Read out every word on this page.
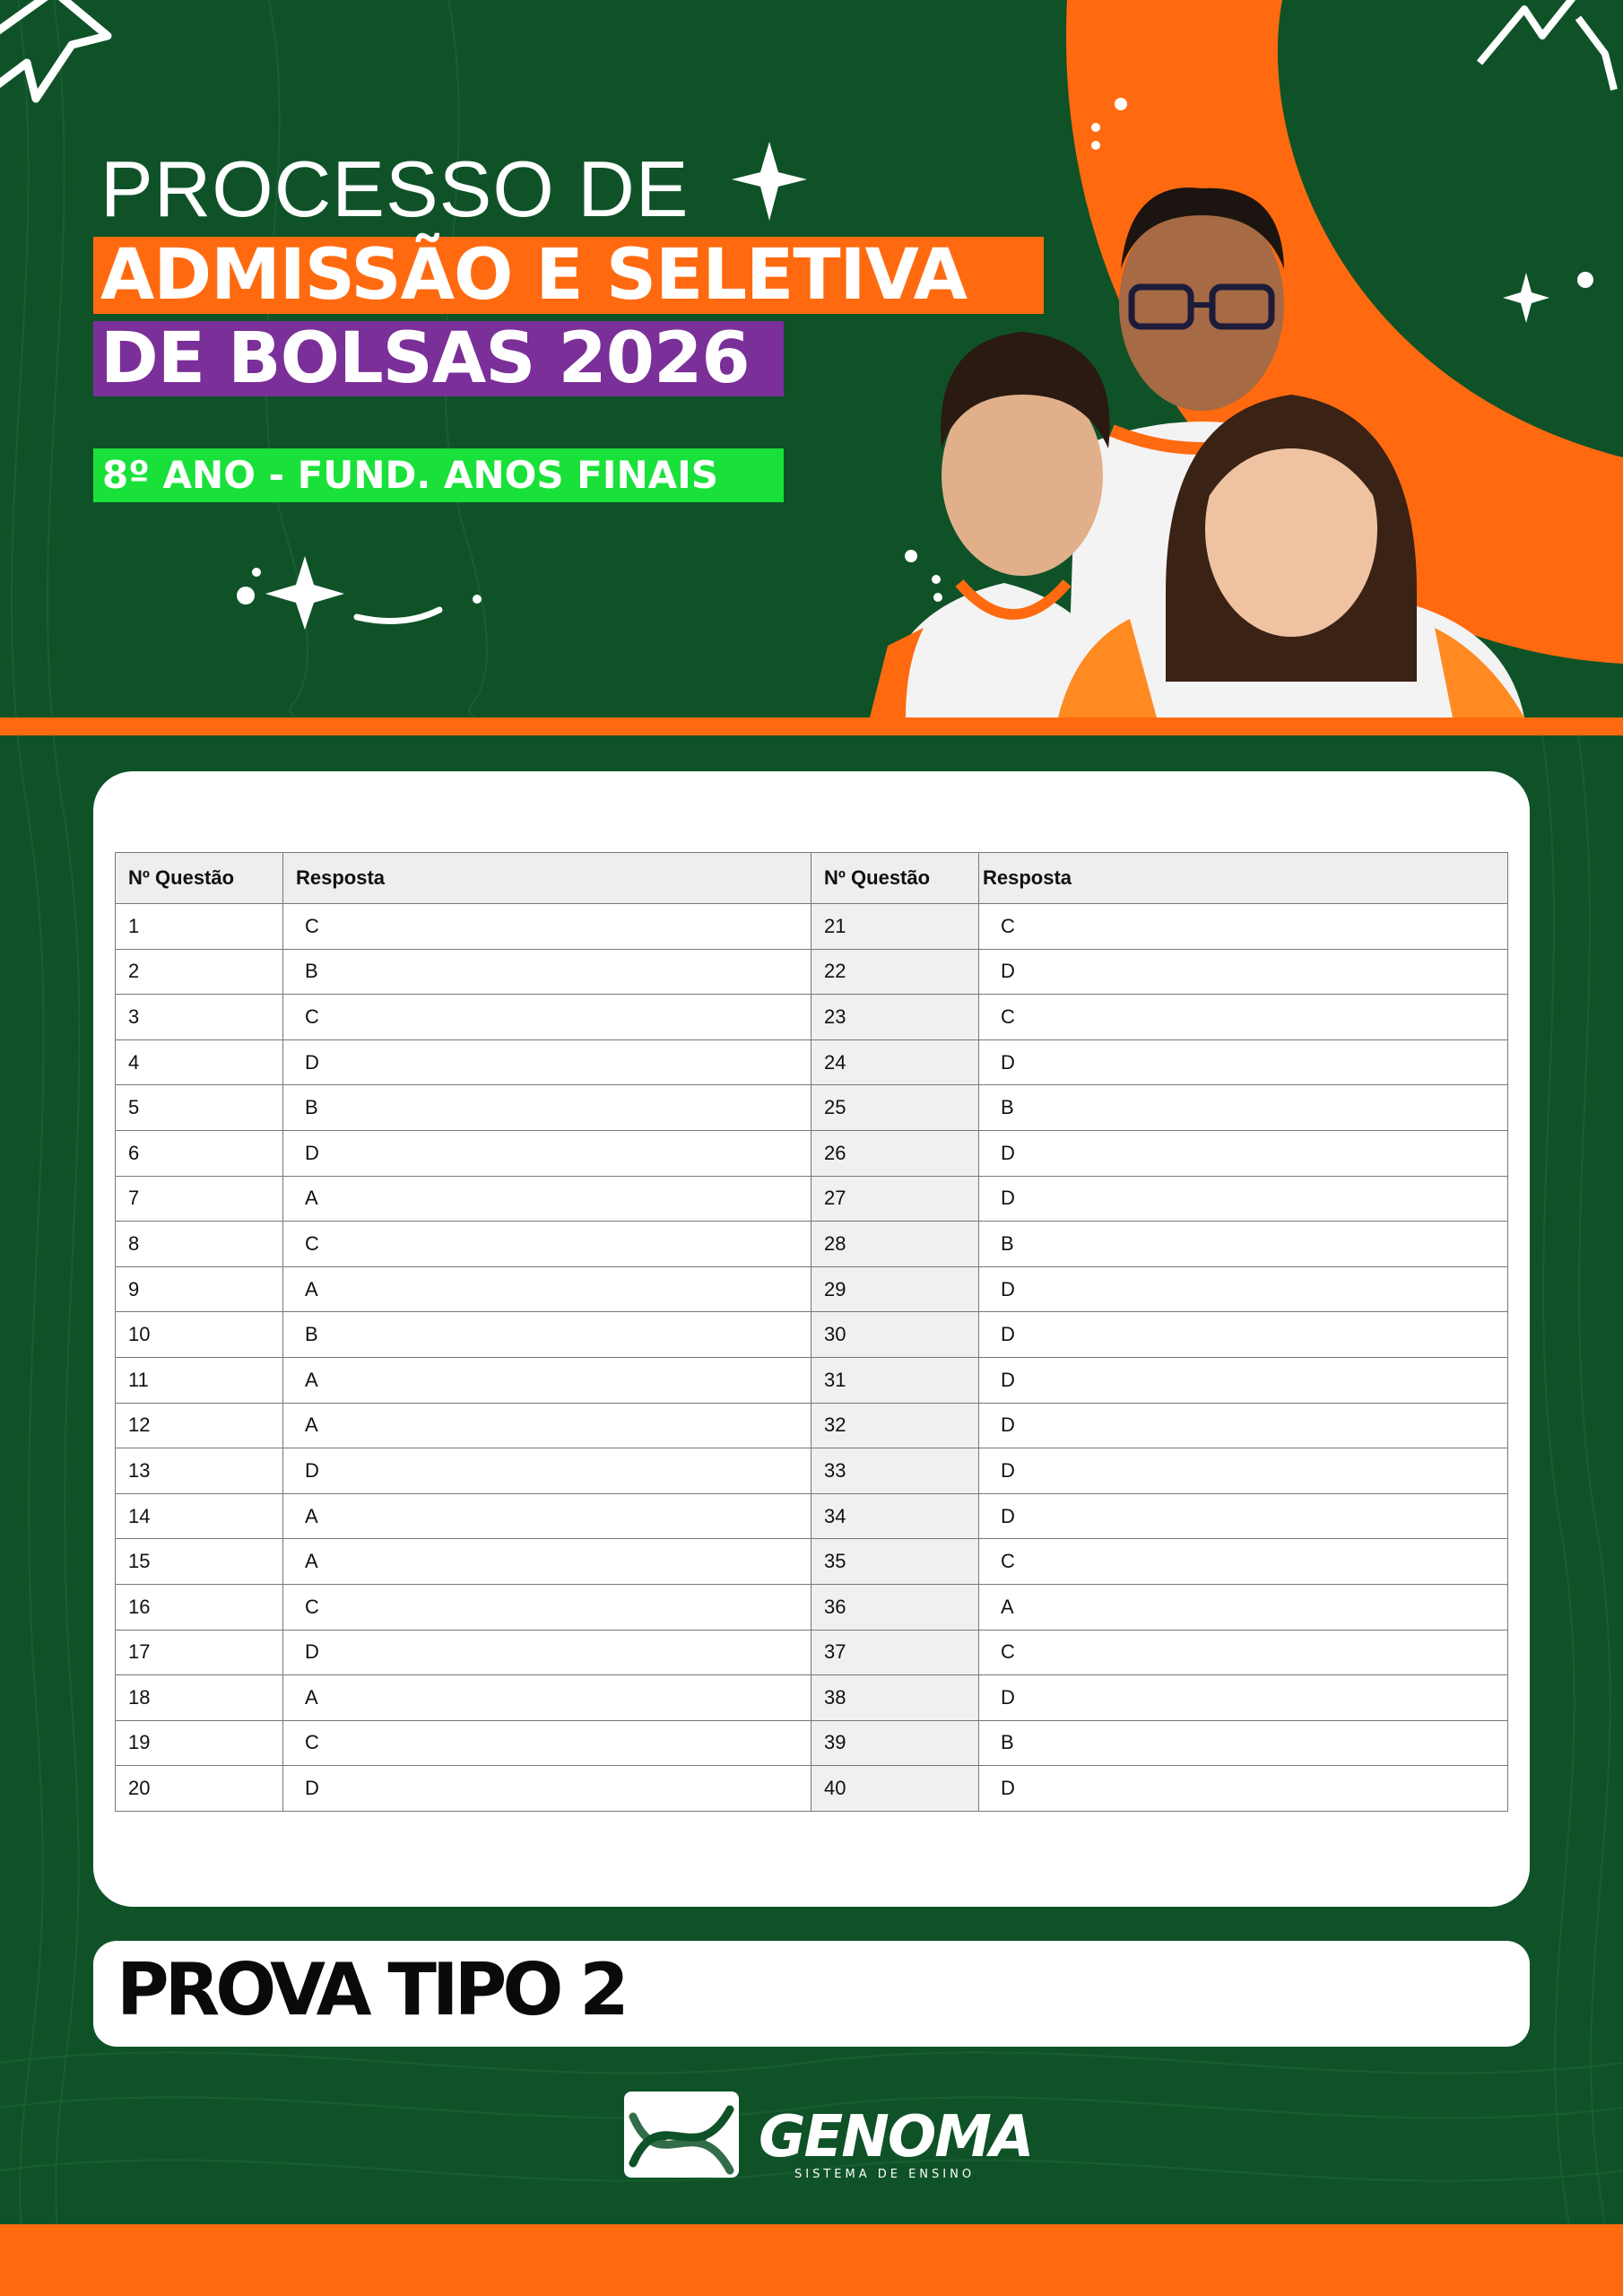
PROCESSO DE
ADMISSÃO E SELETIVA
DE BOLSAS 2026
8º ANO - FUND. ANOS FINAIS
Nº Questão	Resposta	Nº Questão	Resposta
1	C	21	C
2	B	22	D
3	C	23	C
4	D	24	D
5	B	25	B
6	D	26	D
7	A	27	D
8	C	28	B
9	A	29	D
10	B	30	D
11	A	31	D
12	A	32	D
13	D	33	D
14	A	34	D
15	A	35	C
16	C	36	A
17	D	37	C
18	A	38	D
19	C	39	B
20	D	40	D
PROVA TIPO 2
GENOMA
SISTEMA DE ENSINO
